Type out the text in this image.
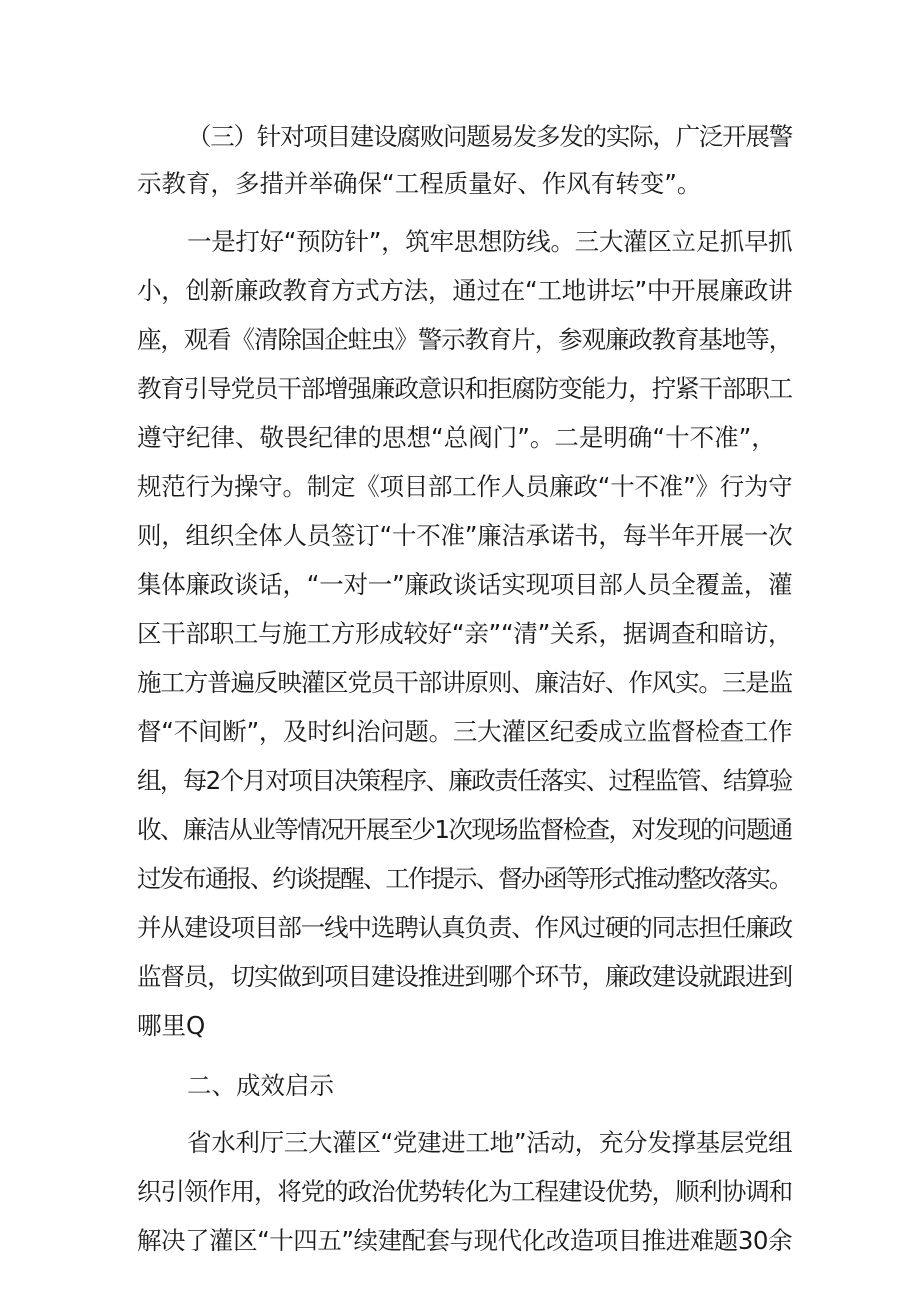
（三）针对项目建设腐败问题易发多发的实际，广泛开展警
示教育，多措并举确保“工程质量好、作风有转变”。
一是打好“预防针”，筑牢思想防线。三大灌区立足抓早抓
小，创新廉政教育方式方法，通过在“工地讲坛”中开展廉政讲
座，观看《清除国企蛀虫》警示教育片，参观廉政教育基地等，
教育引导党员干部增强廉政意识和拒腐防变能力，拧紧干部职工
遵守纪律、敬畏纪律的思想“总阀门”。二是明确“十不准”，
规范行为操守。制定《项目部工作人员廉政“十不准”》行为守
则，组织全体人员签订“十不准”廉洁承诺书，每半年开展一次
集体廉政谈话，“一对一”廉政谈话实现项目部人员全覆盖，灌
区干部职工与施工方形成较好“亲”“清”关系，据调查和暗访，
施工方普遍反映灌区党员干部讲原则、廉洁好、作风实。三是监
督“不间断”，及时纠治问题。三大灌区纪委成立监督检查工作
组，每2个月对项目决策程序、廉政责任落实、过程监管、结算验
收、廉洁从业等情况开展至少1次现场监督检查，对发现的问题通
过发布通报、约谈提醒、工作提示、督办函等形式推动整改落实。
并从建设项目部一线中选聘认真负责、作风过硬的同志担任廉政
监督员，切实做到项目建设推进到哪个环节，廉政建设就跟进到
哪里Q
二、成效启示
省水利厅三大灌区“党建进工地”活动，充分发撑基层党组
织引领作用，将党的政治优势转化为工程建设优势，顺利协调和
解决了灌区“十四五”续建配套与现代化改造项目推进难题30余
